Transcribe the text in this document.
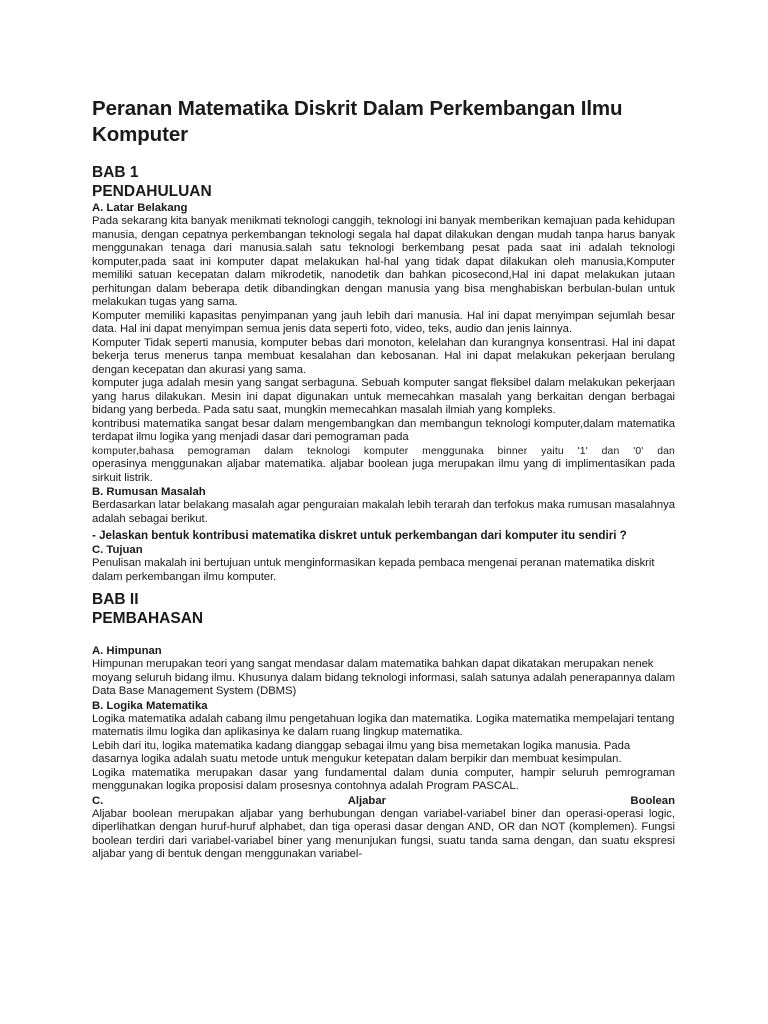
Peranan Matematika Diskrit Dalam Perkembangan Ilmu Komputer
BAB 1
PENDAHULUAN
A. Latar Belakang

Pada sekarang kita banyak menikmati teknologi canggih, teknologi ini banyak memberikan kemajuan pada kehidupan manusia, dengan cepatnya perkembangan teknologi segala hal dapat dilakukan dengan mudah tanpa harus banyak menggunakan tenaga dari manusia.salah satu teknologi berkembang pesat pada saat ini adalah teknologi komputer,pada saat ini komputer dapat melakukan hal-hal yang tidak dapat dilakukan oleh manusia,Komputer memiliki satuan kecepatan dalam mikrodetik, nanodetik dan bahkan picosecond,Hal ini dapat melakukan jutaan perhitungan dalam beberapa detik dibandingkan dengan manusia yang bisa menghabiskan berbulan-bulan untuk melakukan tugas yang sama.

Komputer memiliki kapasitas penyimpanan yang jauh lebih dari manusia. Hal ini dapat menyimpan sejumlah besar data. Hal ini dapat menyimpan semua jenis data seperti foto, video, teks, audio dan jenis lainnya.

Komputer Tidak seperti manusia, komputer bebas dari monoton, kelelahan dan kurangnya konsentrasi. Hal ini dapat bekerja terus menerus tanpa membuat kesalahan dan kebosanan. Hal ini dapat melakukan pekerjaan berulang dengan kecepatan dan akurasi yang sama.

komputer juga adalah mesin yang sangat serbaguna. Sebuah komputer sangat fleksibel dalam melakukan pekerjaan yang harus dilakukan. Mesin ini dapat digunakan untuk memecahkan masalah yang berkaitan dengan berbagai bidang yang berbeda. Pada satu saat, mungkin memecahkan masalah ilmiah yang kompleks.

kontribusi matematika sangat besar dalam mengembangkan dan membangun teknologi komputer,dalam matematika terdapat ilmu logika yang menjadi dasar dari pemograman pada
komputer,bahasa pemograman dalam teknologi komputer menggunaka binner yaitu '1' dan '0' dan
operasinya menggunakan aljabar matematika. aljabar boolean juga merupakan ilmu yang di implimentasikan pada sirkuit listrik.
B. Rumusan Masalah

Berdasarkan latar belakang masalah agar penguraian makalah lebih terarah dan terfokus maka rumusan masalahnya adalah sebagai berikut.

- Jelaskan bentuk kontribusi matematika diskret untuk perkembangan dari komputer itu sendiri ?
C. Tujuan

Penulisan makalah ini bertujuan untuk menginformasikan kepada pembaca mengenai peranan matematika diskrit dalam perkembangan ilmu komputer.

BAB II
PEMBAHASAN
A. Himpunan

Himpunan merupakan teori yang sangat mendasar dalam matematika bahkan dapat dikatakan merupakan nenek moyang seluruh bidang ilmu. Khusunya dalam bidang teknologi informasi, salah satunya adalah penerapannya dalam Data Base Management System (DBMS)

B. Logika Matematika

Logika matematika adalah cabang ilmu pengetahuan logika dan matematika. Logika matematika mempelajari tentang matematis ilmu logika dan aplikasinya ke dalam ruang lingkup matematika.

Lebih dari itu, logika matematika kadang dianggap sebagai ilmu yang bisa memetakan logika manusia. Pada dasarnya logika adalah suatu metode untuk mengukur ketepatan dalam berpikir dan membuat kesimpulan.

Logika matematika merupakan dasar yang fundamental dalam dunia computer, hampir seluruh pemrograman menggunakan logika proposisi dalam prosesnya contohnya adalah Program PASCAL.

C.	Aljabar	Boolean

Aljabar boolean merupakan aljabar yang berhubungan dengan variabel-variabel biner dan operasi-operasi logic, diperlihatkan dengan huruf-huruf alphabet, dan tiga operasi dasar dengan AND, OR dan NOT (komplemen). Fungsi boolean terdiri dari variabel-variabel biner yang menunjukan fungsi, suatu tanda sama dengan, dan suatu ekspresi aljabar yang di bentuk dengan menggunakan variabel-
